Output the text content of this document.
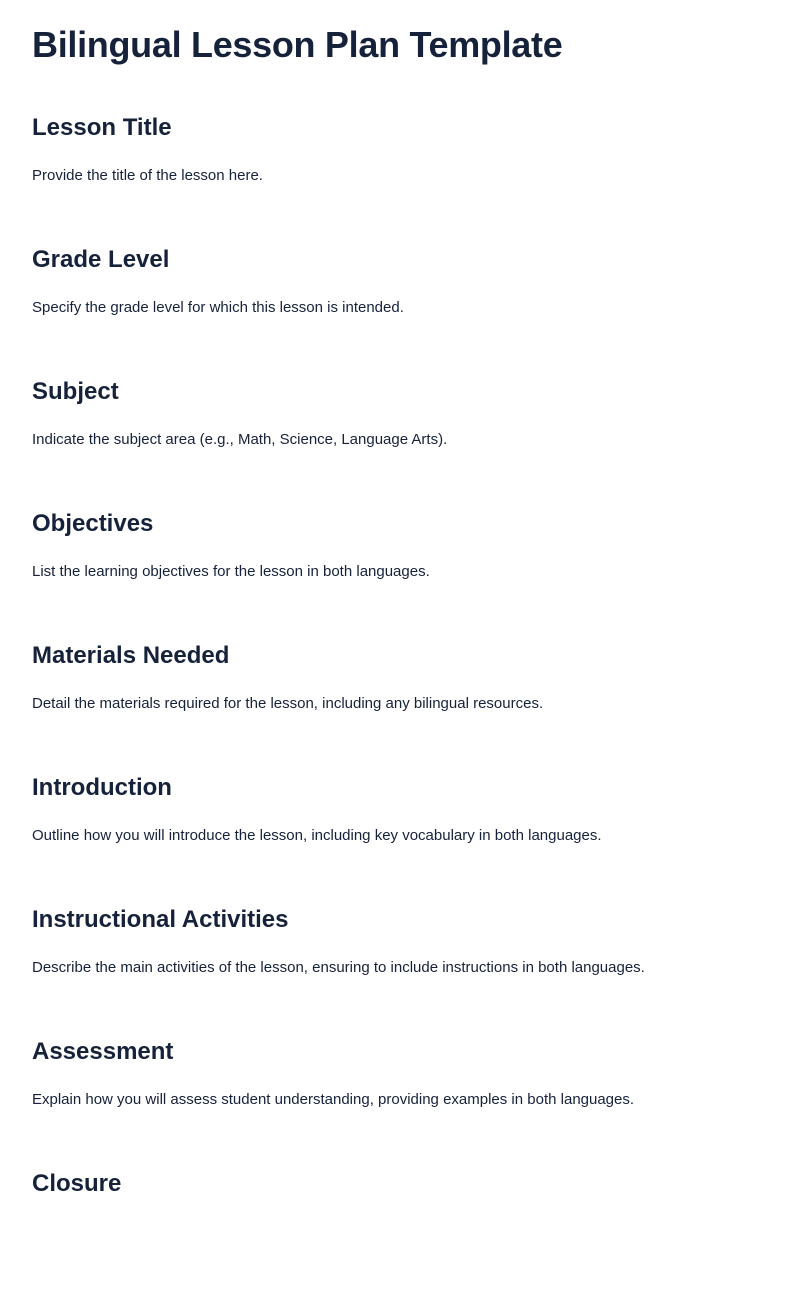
Bilingual Lesson Plan Template
Lesson Title

Provide the title of the lesson here.

Grade Level

Specify the grade level for which this lesson is intended.

Subject

Indicate the subject area (e.g., Math, Science, Language Arts).

Objectives

List the learning objectives for the lesson in both languages.

Materials Needed

Detail the materials required for the lesson, including any bilingual resources.

Introduction

Outline how you will introduce the lesson, including key vocabulary in both languages.

Instructional Activities

Describe the main activities of the lesson, ensuring to include instructions in both languages.

Assessment

Explain how you will assess student understanding, providing examples in both languages.

Closure
